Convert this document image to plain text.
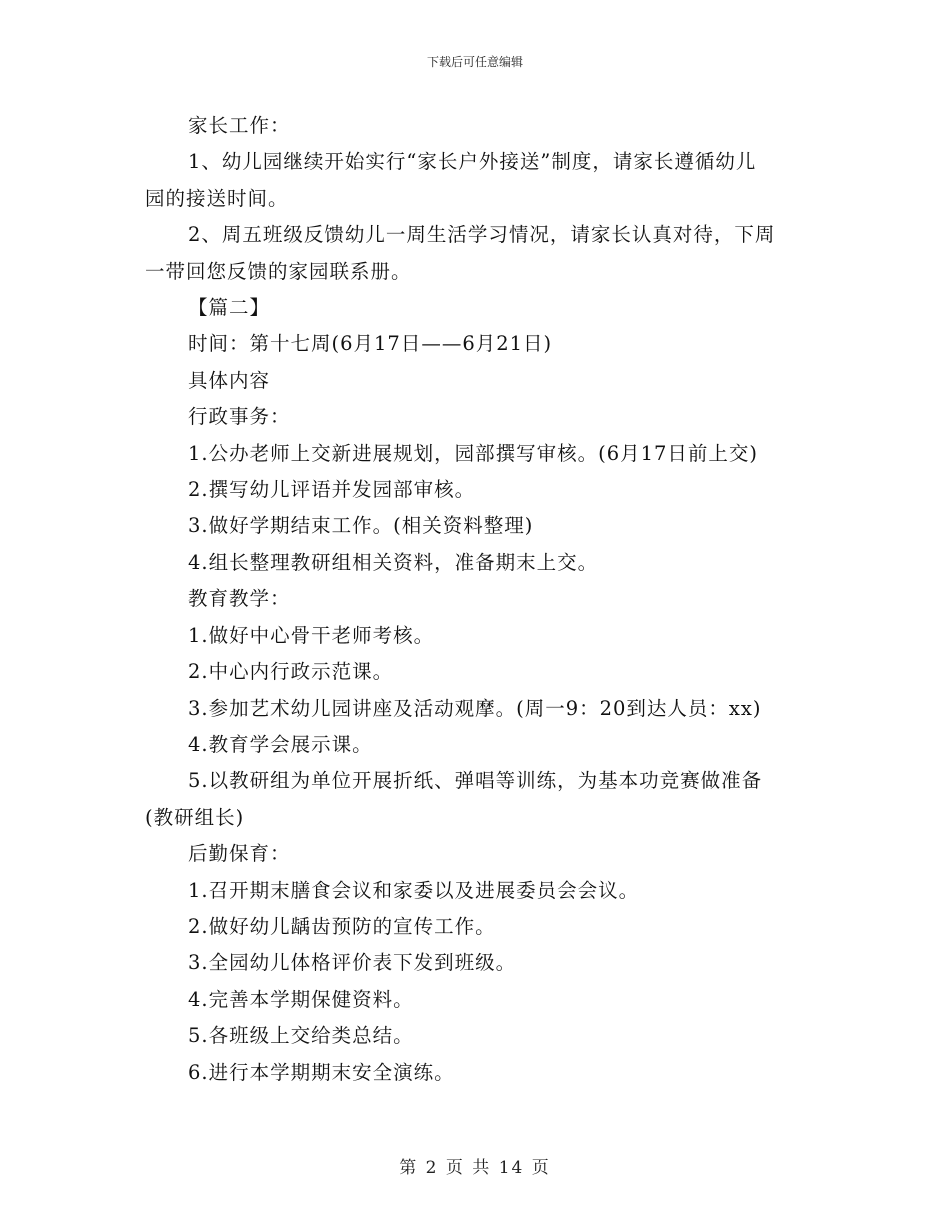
下载后可任意编辑
家长工作：
1、幼儿园继续开始实行“家长户外接送”制度，请家长遵循幼儿
园的接送时间。
2、周五班级反馈幼儿一周生活学习情况，请家长认真对待，下周
一带回您反馈的家园联系册。
【篇二】
时间：第十七周(6月17日——6月21日)
具体内容
行政事务：
1.公办老师上交新进展规划，园部撰写审核。(6月17日前上交)
2.撰写幼儿评语并发园部审核。
3.做好学期结束工作。(相关资料整理)
4.组长整理教研组相关资料，准备期末上交。
教育教学：
1.做好中心骨干老师考核。
2.中心内行政示范课。
3.参加艺术幼儿园讲座及活动观摩。(周一9：20到达人员：xx)
4.教育学会展示课。
5.以教研组为单位开展折纸、弹唱等训练，为基本功竞赛做准备
(教研组长)
后勤保育：
1.召开期末膳食会议和家委以及进展委员会会议。
2.做好幼儿龋齿预防的宣传工作。
3.全园幼儿体格评价表下发到班级。
4.完善本学期保健资料。
5.各班级上交给类总结。
6.进行本学期期末安全演练。
第 2 页 共 14 页
